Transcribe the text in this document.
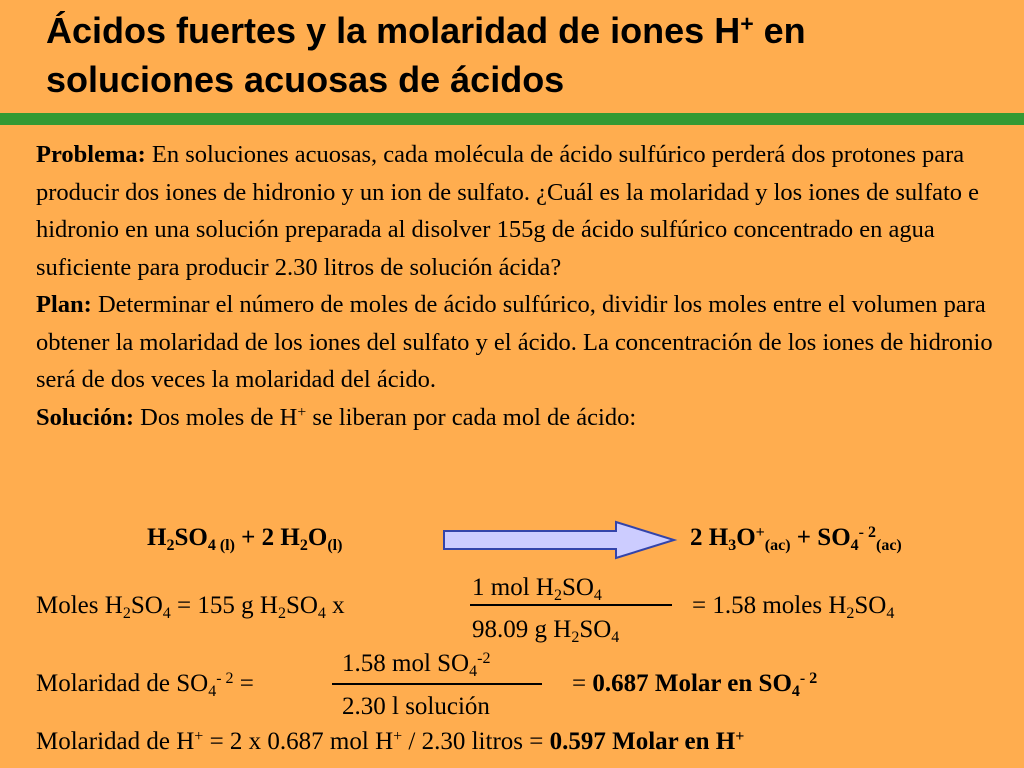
Ácidos fuertes y la molaridad de iones H+ en
soluciones acuosas de ácidos

Problema: En soluciones acuosas, cada molécula de ácido sulfúrico perderá dos protones para producir dos iones de hidronio y un ion de sulfato. ¿Cuál es la molaridad y los iones de sulfato e hidronio en una solución preparada al disolver 155g de ácido sulfúrico concentrado en agua suficiente para producir 2.30 litros de solución ácida?

Plan: Determinar el número de moles de ácido sulfúrico, dividir los moles entre el volumen para obtener la molaridad de los iones del sulfato y el ácido. La concentración de los iones de hidronio será de dos veces la molaridad del ácido.

Solución: Dos moles de H+ se liberan por cada mol de ácido:

$H_2SO_{4 (l)} + 2$ $H_2O_{(l)}$	2 $H_3O^+_{(ac)} + SO_4^{- 2}_{(ac)}$
Moles $H_2SO_4 = 155$ g $H_2SO_4$ x
1 mol $H_2SO_4$
98.09 g $H_2SO_4$
= 1.58 moles $H_2SO_4$
Molaridad de $SO_4^{- 2}$ =
1.58 mol $SO_4^{-2}$
2.30 l solución
= 0.687 Molar en $SO_4^{- 2}$
Molaridad de H+ = 2 x 0.687 mol H+ / 2.30 litros = 0.597 Molar en H+
